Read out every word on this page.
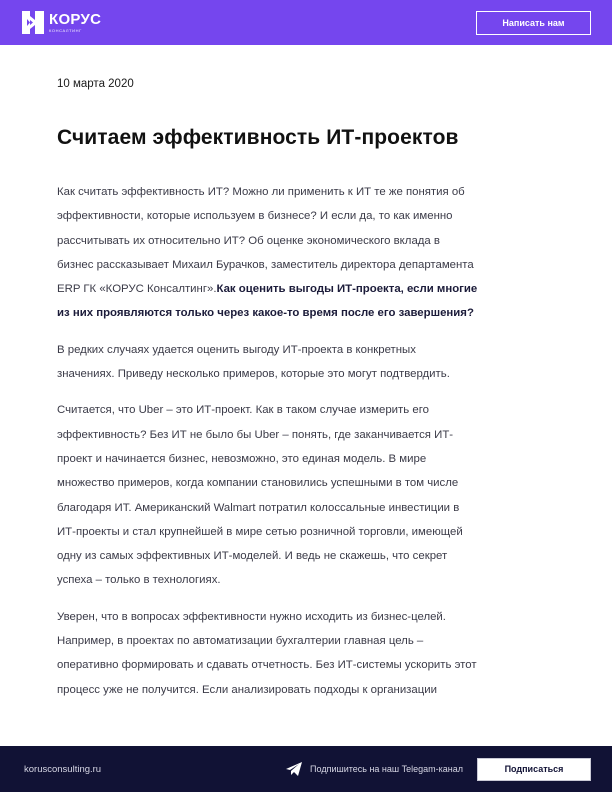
КОРУС
КОНСАЛТИНГ
Написать нам
10 марта 2020
Считаем эффективность ИТ-проектов

Как считать эффективность ИТ? Можно ли применить к ИТ те же понятия об
эффективности, которые используем в бизнесе? И если да, то как именно
рассчитывать их относительно ИТ? Об оценке экономического вклада в
бизнес рассказывает Михаил Бурачков, заместитель директора департамента
ERP ГК «КОРУС Консалтинг».Как оценить выгоды ИТ-проекта, если многие
из них проявляются только через какое-то время после его завершения?

В редких случаях удается оценить выгоду ИТ-проекта в конкретных
значениях. Приведу несколько примеров, которые это могут подтвердить.

Считается, что Uber – это ИТ-проект. Как в таком случае измерить его
эффективность? Без ИТ не было бы Uber – понять, где заканчивается ИТ-
проект и начинается бизнес, невозможно, это единая модель. В мире
множество примеров, когда компании становились успешными в том числе
благодаря ИТ. Американский Walmart потратил колоссальные инвестиции в
ИТ-проекты и стал крупнейшей в мире сетью розничной торговли, имеющей
одну из самых эффективных ИТ-моделей. И ведь не скажешь, что секрет
успеха – только в технологиях.

Уверен, что в вопросах эффективности нужно исходить из бизнес-целей.
Например, в проектах по автоматизации бухгалтерии главная цель –
оперативно формировать и сдавать отчетность. Без ИТ-системы ускорить этот
процесс уже не получится. Если анализировать подходы к организации

korusconsulting.ru	Подпишитесь на наш Telegam-канал	Подписаться
